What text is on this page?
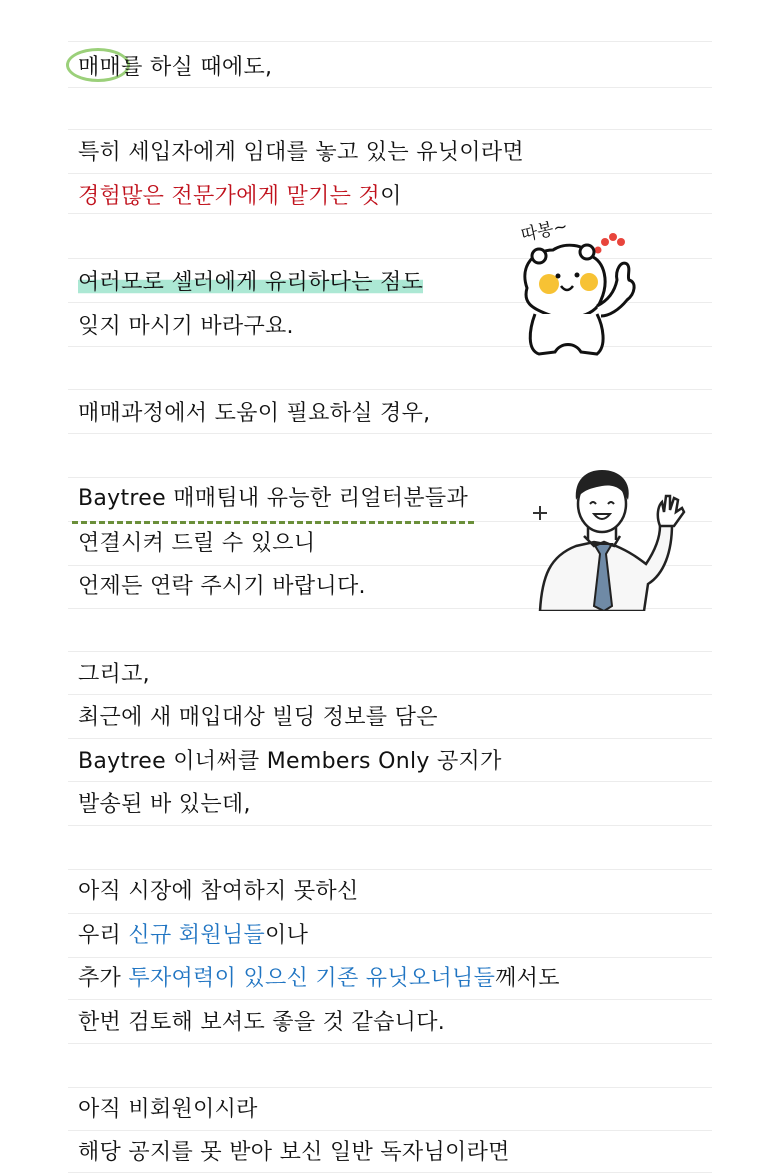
매매를 하실 때에도,
특히 세입자에게 임대를 놓고 있는 유닛이라면
경험많은 전문가에게 맡기는 것이
여러모로 셀러에게 유리하다는 점도
잊지 마시기 바라구요.
매매과정에서 도움이 필요하실 경우,
Baytree 매매팀내 유능한 리얼터분들과
연결시켜 드릴 수 있으니
언제든 연락 주시기 바랍니다.
그리고,
최근에 새 매입대상 빌딩 정보를 담은
Baytree 이너써클 Members Only 공지가
발송된 바 있는데,
아직 시장에 참여하지 못하신
우리 신규 회원님들이나
추가 투자여력이 있으신 기존 유닛오너님들께서도
한번 검토해 보셔도 좋을 것 같습니다.
아직 비회원이시라
해당 공지를 못 받아 보신 일반 독자님이라면
따봉~
